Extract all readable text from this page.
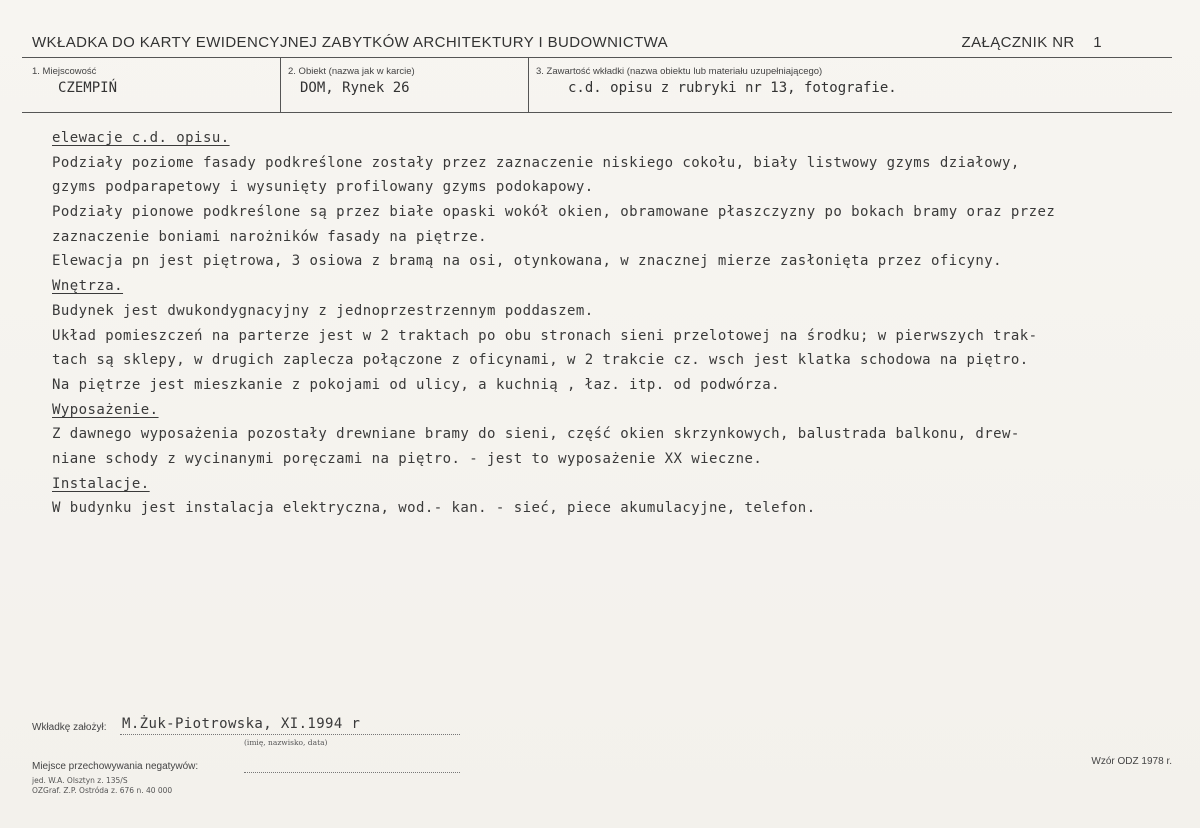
WKŁADKA DO KARTY EWIDENCYJNEJ ZABYTKÓW ARCHITEKTURY I BUDOWNICTWA	ZAŁĄCZNIK NR 1
1. Miejscowość
CZEMPIŃ
2. Obiekt (nazwa jak w karcie)
DOM, Rynek 26
3. Zawartość wkładki (nazwa obiektu lub materiału uzupełniającego)
c.d. opisu z rubryki nr 13, fotografie.
elewacje c.d. opisu.
Podziały poziome fasady podkreślone zostały przez zaznaczenie niskiego cokołu, biały listwowy gzyms działowy,
gzyms podparapetowy i wysunięty profilowany gzyms podokapowy.
Podziały pionowe podkreślone są przez białe opaski wokół okien, obramowane płaszczyzny po bokach bramy oraz przez
zaznaczenie boniami narożników fasady na piętrze.
Elewacja pn jest piętrowa, 3 osiowa z bramą na osi, otynkowana, w znacznej mierze zasłonięta przez oficyny.
Wnętrza.
Budynek jest dwukondygnacyjny z jednoprzestrzennym poddaszem.
Układ pomieszczeń na parterze jest w 2 traktach po obu stronach sieni przelotowej na środku; w pierwszych trak-
tach są sklepy, w drugich zaplecza połączone z oficynami, w 2 trakcie cz. wsch jest klatka schodowa na piętro.
Na piętrze jest mieszkanie z pokojami od ulicy, a kuchnią , łaz. itp. od podwórza.
Wyposażenie.
Z dawnego wyposażenia pozostały drewniane bramy do sieni, część okien skrzynkowych, balustrada balkonu, drew-
niane schody z wycinanymi poręczami na piętro. - jest to wyposażenie XX wieczne.
Instalacje.
W budynku jest instalacja elektryczna, wod.- kan. - sieć, piece akumulacyjne, telefon.
Wkładkę założył: M.Żuk-Piotrowska, XI.1994 r
(imię, nazwisko, data)
Miejsce przechowywania negatywów:
jed. W.A. Olsztyn z. 135/S
OZGraf. Z.P. Ostróda z. 676 n. 40 000
Wzór ODZ 1978 r.
